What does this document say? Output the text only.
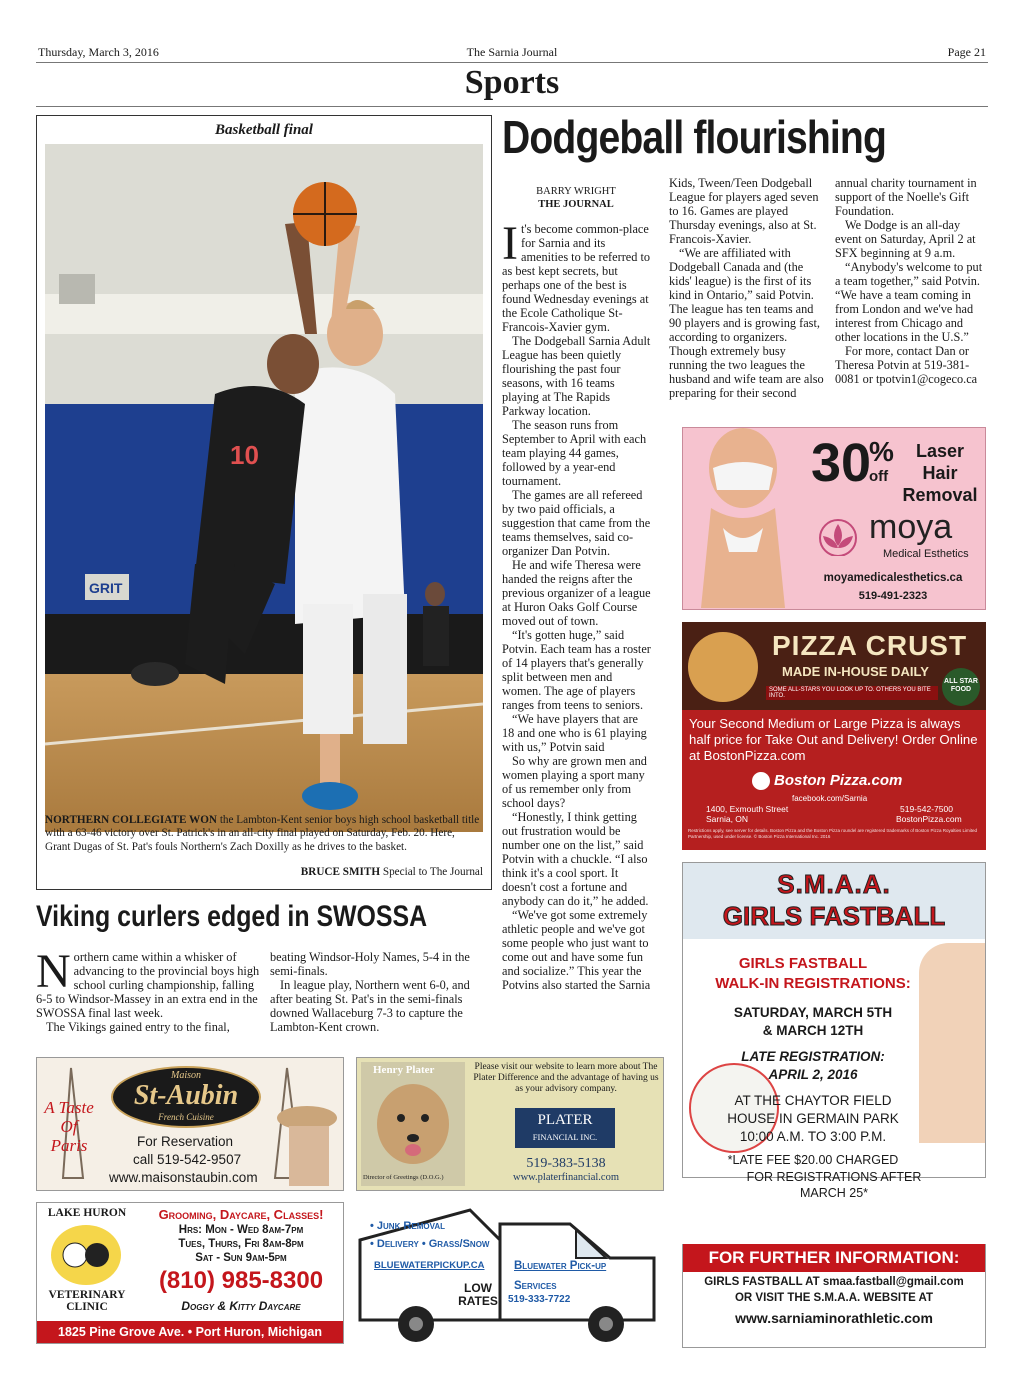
Thursday, March 3, 2016	The Sarnia Journal	Page 21
Sports
Basketball final
GRIT
10
NORTHERN COLLEGIATE WON the Lambton-Kent senior boys high school basketball title with a 63-46 victory over St. Patrick's in an all-city final played on Saturday, Feb. 20. Here, Grant Dugas of St. Pat's fouls Northern's Zach Doxilly as he drives to the basket.
BRUCE SMITH Special to The Journal
Dodgeball flourishing
BARRY WRIGHT
THE JOURNAL
I t's become common-place for Sarnia and its amenities to be referred to as best kept secrets, but perhaps one of the best is found Wednesday evenings at the Ecole Catholique St-Francois-Xavier gym.

The Dodgeball Sarnia Adult League has been quietly flourishing the past four seasons, with 16 teams playing at The Rapids Parkway location.

The season runs from September to April with each team playing 44 games, followed by a year-end tournament.

The games are all refereed by two paid officials, a suggestion that came from the teams themselves, said co-organizer Dan Potvin.

He and wife Theresa were handed the reigns after the previous organizer of a league at Huron Oaks Golf Course moved out of town.

“It's gotten huge,” said Potvin. Each team has a roster of 14 players that's generally split between men and women. The age of players ranges from teens to seniors.

“We have players that are 18 and one who is 61 playing with us,” Potvin said

So why are grown men and women playing a sport many of us remember only from school days?

“Honestly, I think getting out frustration would be number one on the list,” said Potvin with a chuckle. “I also think it's a cool sport. It doesn't cost a fortune and anybody can do it,” he added.

“We've got some extremely athletic people and we've got some people who just want to come out and have some fun and socialize.” This year the Potvins also started the Sarnia

Kids, Tween/Teen Dodgeball League for players aged seven to 16. Games are played Thursday evenings, also at St. Francois-Xavier.

“We are affiliated with Dodgeball Canada and (the kids' league) is the first of its kind in Ontario,” said Potvin. The league has ten teams and 90 players and is growing fast, according to organizers. Though extremely busy running the two leagues the husband and wife team are also preparing for their second

annual charity tournament in support of the Noelle's Gift Foundation.

We Dodge is an all-day event on Saturday, April 2 at SFX beginning at 9 a.m.

“Anybody's welcome to put a team together,” said Potvin. “We have a team coming in from London and we've had interest from Chicago and other locations in the U.S.”

For more, contact Dan or Theresa Potvin at 519-381-0081 or tpotvin1@cogeco.ca

Viking curlers edged in SWOSSA
N orthern came within a whisker of advancing to the provincial boys high school curling championship, falling 6-5 to Windsor-Massey in an extra end in the SWOSSA final last week.

The Vikings gained entry to the final,

beating Windsor-Holy Names, 5-4 in the semi-finals.

In league play, Northern went 6-0, and after beating St. Pat's in the semi-finals downed Wallaceburg 7-3 to capture the Lambton-Kent crown.

30
%
off
Laser
Hair
Removal
moya
Medical Esthetics
moyamedicalesthetics.ca
519-491-2323
PIZZA CRUST
MADE IN-HOUSE DAILY
SOME ALL-STARS YOU LOOK UP TO. OTHERS YOU BITE INTO.
ALL STAR FOOD
Your Second Medium or Large Pizza is always half price for Take Out and Delivery! Order Online at BostonPizza.com
Boston Pizza.com
facebook.com/Sarnia
1400, Exmouth Street
Sarnia, ON
519-542-7500
BostonPizza.com
Restrictions apply, see server for details. Boston Pizza and the Boston Pizza roundel are registered trademarks of Boston Pizza Royalties Limited Partnership, used under license. © Boston Pizza International Inc. 2016
S.M.A.A.
GIRLS FASTBALL
GIRLS FASTBALL
WALK-IN REGISTRATIONS:
SATURDAY, MARCH 5TH
& MARCH 12TH
LATE REGISTRATION:
APRIL 2, 2016
AT THE CHAYTOR FIELD
HOUSE IN GERMAIN PARK
10:00 A.M. TO 3:00 P.M.
*LATE FEE $20.00 CHARGED
FOR REGISTRATIONS AFTER
MARCH 25*
FOR FURTHER INFORMATION:
GIRLS FASTBALL AT smaa.fastball@gmail.com
OR VISIT THE S.M.A.A. WEBSITE AT
www.sarniaminorathletic.com
Maison
St-Aubin
French Cuisine
A Taste
Of
Paris	For Reservation
call 519-542-9507
www.maisonstaubin.com
Henry Plater
Director of Greetings (D.O.G.)
Please visit our website to learn more about The Plater Difference and the advantage of having us as your advisory company.
PLATER
FINANCIAL INC.
519-383-5138
www.platerfinancial.com
LAKE HURON
VETERINARY
CLINIC
Grooming, Daycare, Classes!
Hrs: Mon - Wed 8am-7pm
Tues, Thurs, Fri 8am-8pm
Sat - Sun 9am-5pm
(810) 985-8300
Doggy & Kitty Daycare
1825 Pine Grove Ave. • Port Huron, Michigan
• Junk Removal
• Delivery • Grass/Snow
BLUEWATERPICKUP.CA
LOW
RATES
Bluewater Pick-up
Services
519-333-7722
